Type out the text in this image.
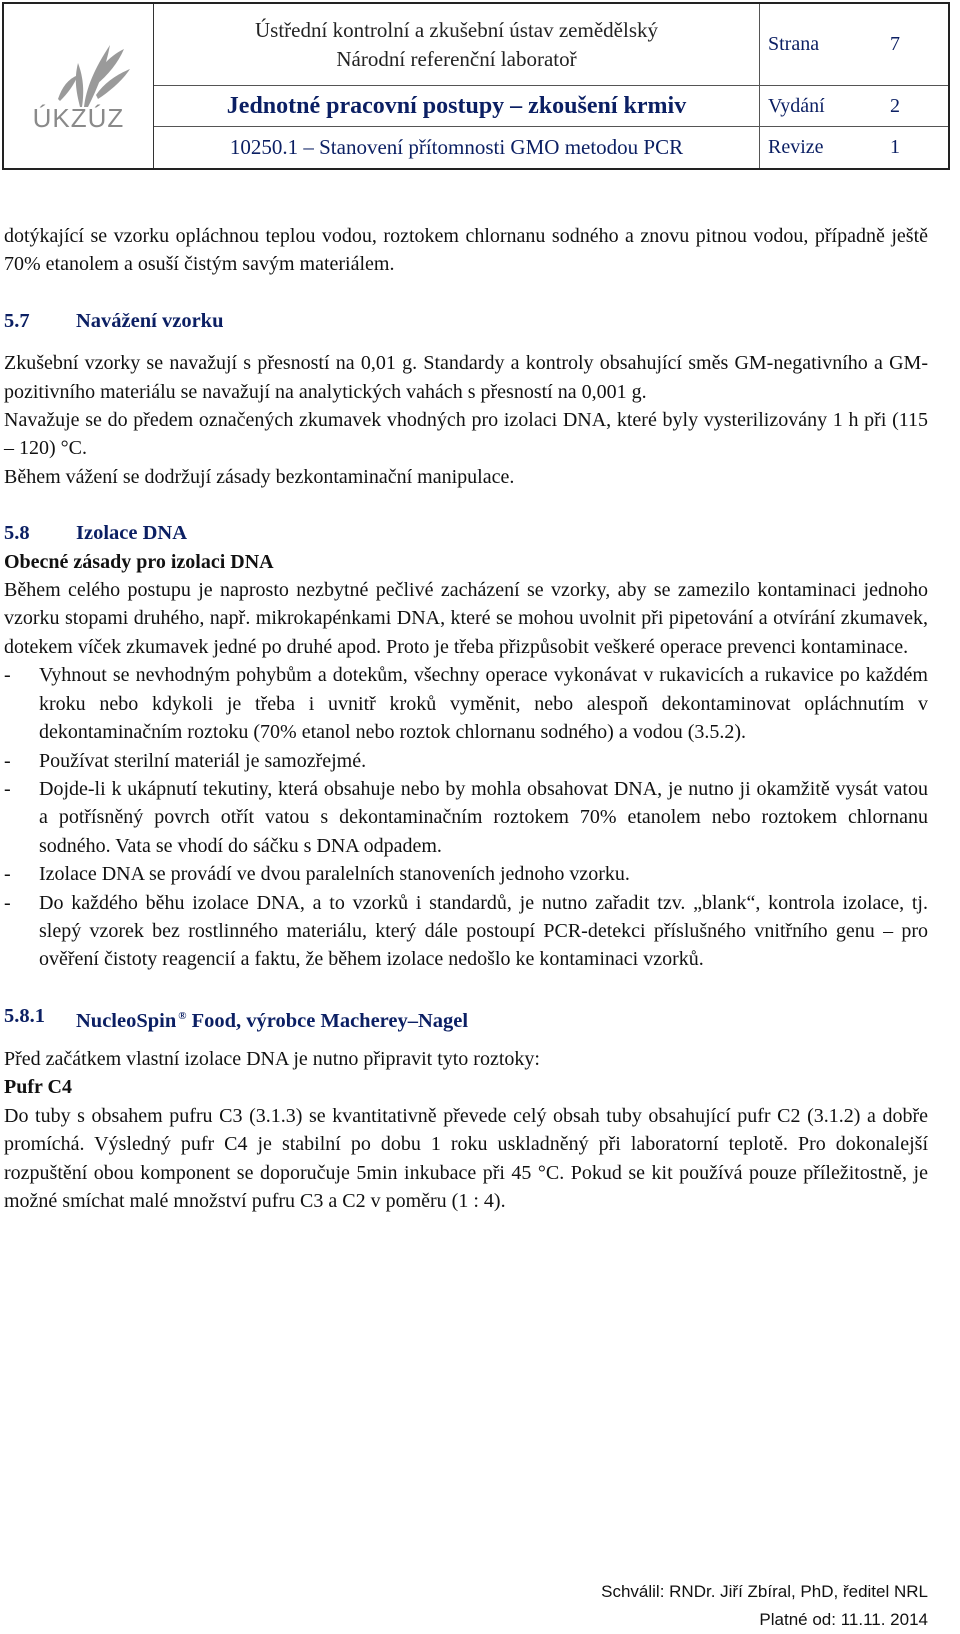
ÚKZÚZ
Ústřední kontrolní a zkušební ústav zemědělský
Národní referenční laboratoř
Jednotné pracovní postupy – zkoušení krmiv
10250.1 – Stanovení přítomnosti GMO metodou PCR
Strana	7
Vydání	2
Revize	1

dotýkající se vzorku opláchnou teplou vodou, roztokem chlornanu sodného a znovu pitnou vodou, případně ještě 70% etanolem a osuší čistým savým materiálem.

5.7	Navážení vzorku

Zkušební vzorky se navažují s přesností na 0,01 g. Standardy a kontroly obsahující směs GM-negativního a GM-pozitivního materiálu se navažují na analytických vahách s přesností na 0,001 g.

Navažuje se do předem označených zkumavek vhodných pro izolaci DNA, které byly vysterilizovány 1 h při (115 – 120) °C.

Během vážení se dodržují zásady bezkontaminační manipulace.

5.8	Izolace DNA

Obecné zásady pro izolaci DNA

Během celého postupu je naprosto nezbytné pečlivé zacházení se vzorky, aby se zamezilo kontaminaci jednoho vzorku stopami druhého, např. mikrokapénkami DNA, které se mohou uvolnit při pipetování a otvírání zkumavek, dotekem víček zkumavek jedné po druhé apod. Proto je třeba přizpůsobit veškeré operace prevenci kontaminace.

- Vyhnout se nevhodným pohybům a dotekům, všechny operace vykonávat v rukavicích a rukavice po každém kroku nebo kdykoli je třeba i uvnitř kroků vyměnit, nebo alespoň dekontaminovat opláchnutím v dekontaminačním roztoku (70% etanol nebo roztok chlornanu sodného) a vodou (3.5.2).
- Používat sterilní materiál je samozřejmé.
- Dojde-li k ukápnutí tekutiny, která obsahuje nebo by mohla obsahovat DNA, je nutno ji okamžitě vysát vatou a potřísněný povrch otřít vatou s dekontaminačním roztokem 70% etanolem nebo roztokem chlornanu sodného. Vata se vhodí do sáčku s DNA odpadem.
- Izolace DNA se provádí ve dvou paralelních stanoveních jednoho vzorku.
- Do každého běhu izolace DNA, a to vzorků i standardů, je nutno zařadit tzv. „blank“, kontrola izolace, tj. slepý vzorek bez rostlinného materiálu, který dále postoupí PCR-detekci příslušného vnitřního genu – pro ověření čistoty reagencií a faktu, že během izolace nedošlo ke kontaminaci vzorků.
5.8.1	NucleoSpin ® Food, výrobce Macherey–Nagel

Před začátkem vlastní izolace DNA je nutno připravit tyto roztoky:

Pufr C4

Do tuby s obsahem pufru C3 (3.1.3) se kvantitativně převede celý obsah tuby obsahující pufr C2 (3.1.2) a dobře promíchá. Výsledný pufr C4 je stabilní po dobu 1 roku uskladněný při laboratorní teplotě. Pro dokonalejší rozpuštění obou komponent se doporučuje 5min inkubace při 45 °C. Pokud se kit používá pouze příležitostně, je možné smíchat malé množství pufru C3 a C2 v poměru (1 : 4).

Schválil: RNDr. Jiří Zbíral, PhD, ředitel NRL
Platné od: 11.11. 2014
